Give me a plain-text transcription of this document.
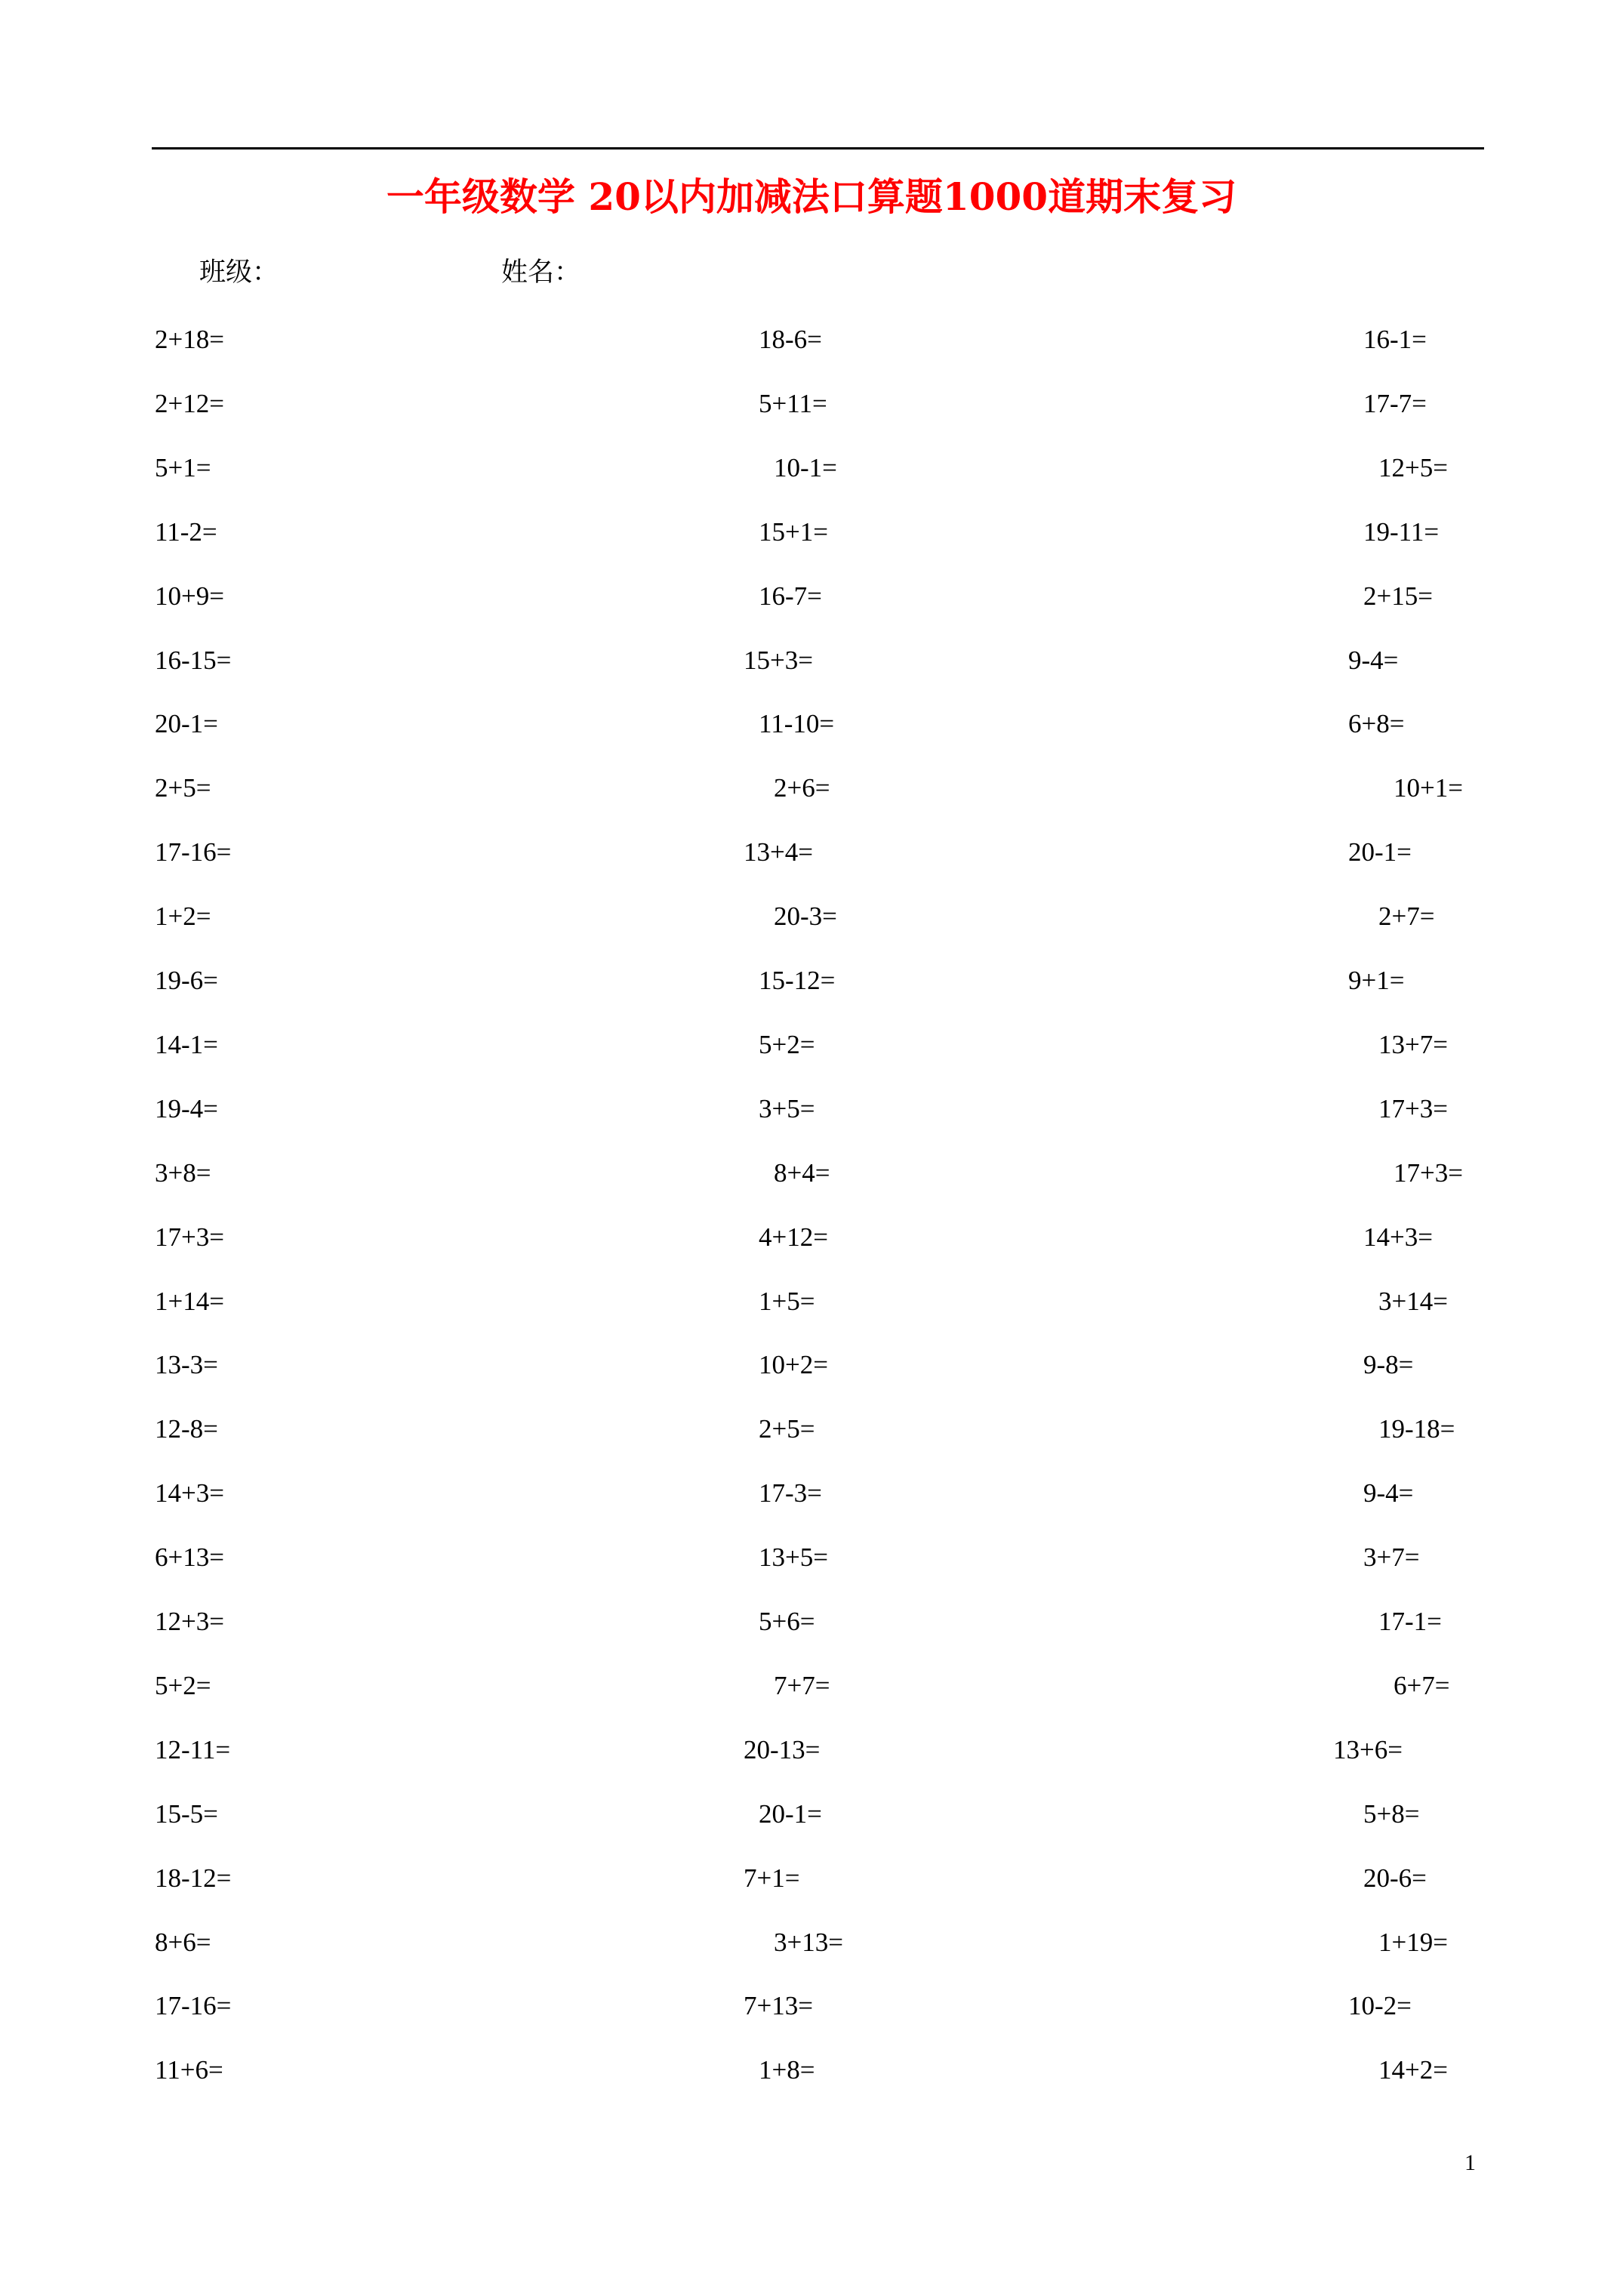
一年级数学 20以内加减法口算题1000道期末复习
班级：	姓名：
2+18=	18-6=	16-1=
2+12=	5+11=	17-7=
5+1=	10-1=	12+5=
11-2=	15+1=	19-11=
10+9=	16-7=	2+15=
16-15=	15+3=	9-4=
20-1=	11-10=	6+8=
2+5=	2+6=	10+1=
17-16=	13+4=	20-1=
1+2=	20-3=	2+7=
19-6=	15-12=	9+1=
14-1=	5+2=	13+7=
19-4=	3+5=	17+3=
3+8=	8+4=	17+3=
17+3=	4+12=	14+3=
1+14=	1+5=	3+14=
13-3=	10+2=	9-8=
12-8=	2+5=	19-18=
14+3=	17-3=	9-4=
6+13=	13+5=	3+7=
12+3=	5+6=	17-1=
5+2=	7+7=	6+7=
12-11=	20-13=	13+6=
15-5=	20-1=	5+8=
18-12=	7+1=	20-6=
8+6=	3+13=	1+19=
17-16=	7+13=	10-2=
11+6=	1+8=	14+2=
1
